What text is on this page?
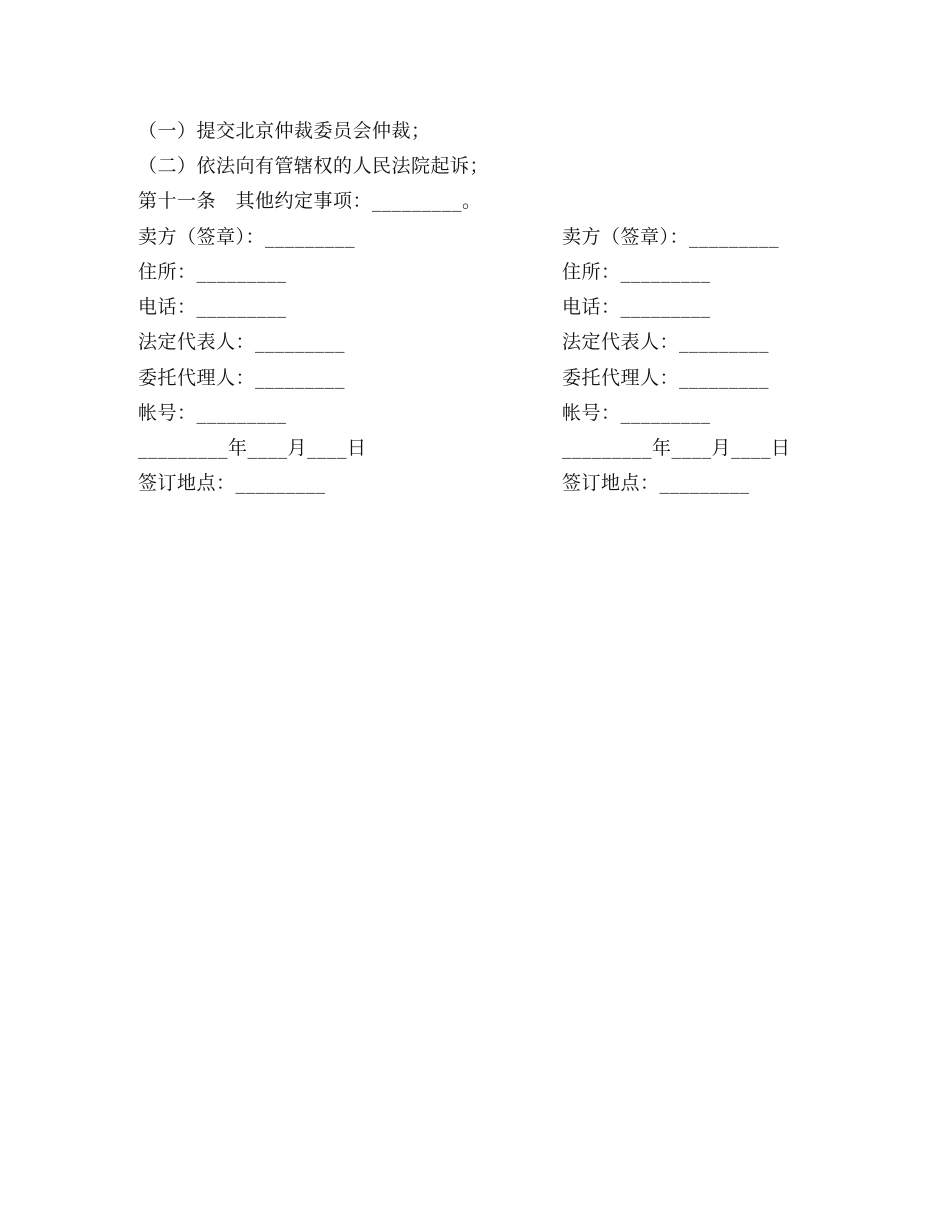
（一）提交北京仲裁委员会仲裁；
（二）依法向有管辖权的人民法院起诉；
第十一条　其他约定事项：_________。
卖方（签章）：_________
住所：_________
电话：_________
法定代表人：_________
委托代理人：_________
帐号：_________
_________年____月____日
签订地点：_________
卖方（签章）：_________
住所：_________
电话：_________
法定代表人：_________
委托代理人：_________
帐号：_________
_________年____月____日
签订地点：_________
